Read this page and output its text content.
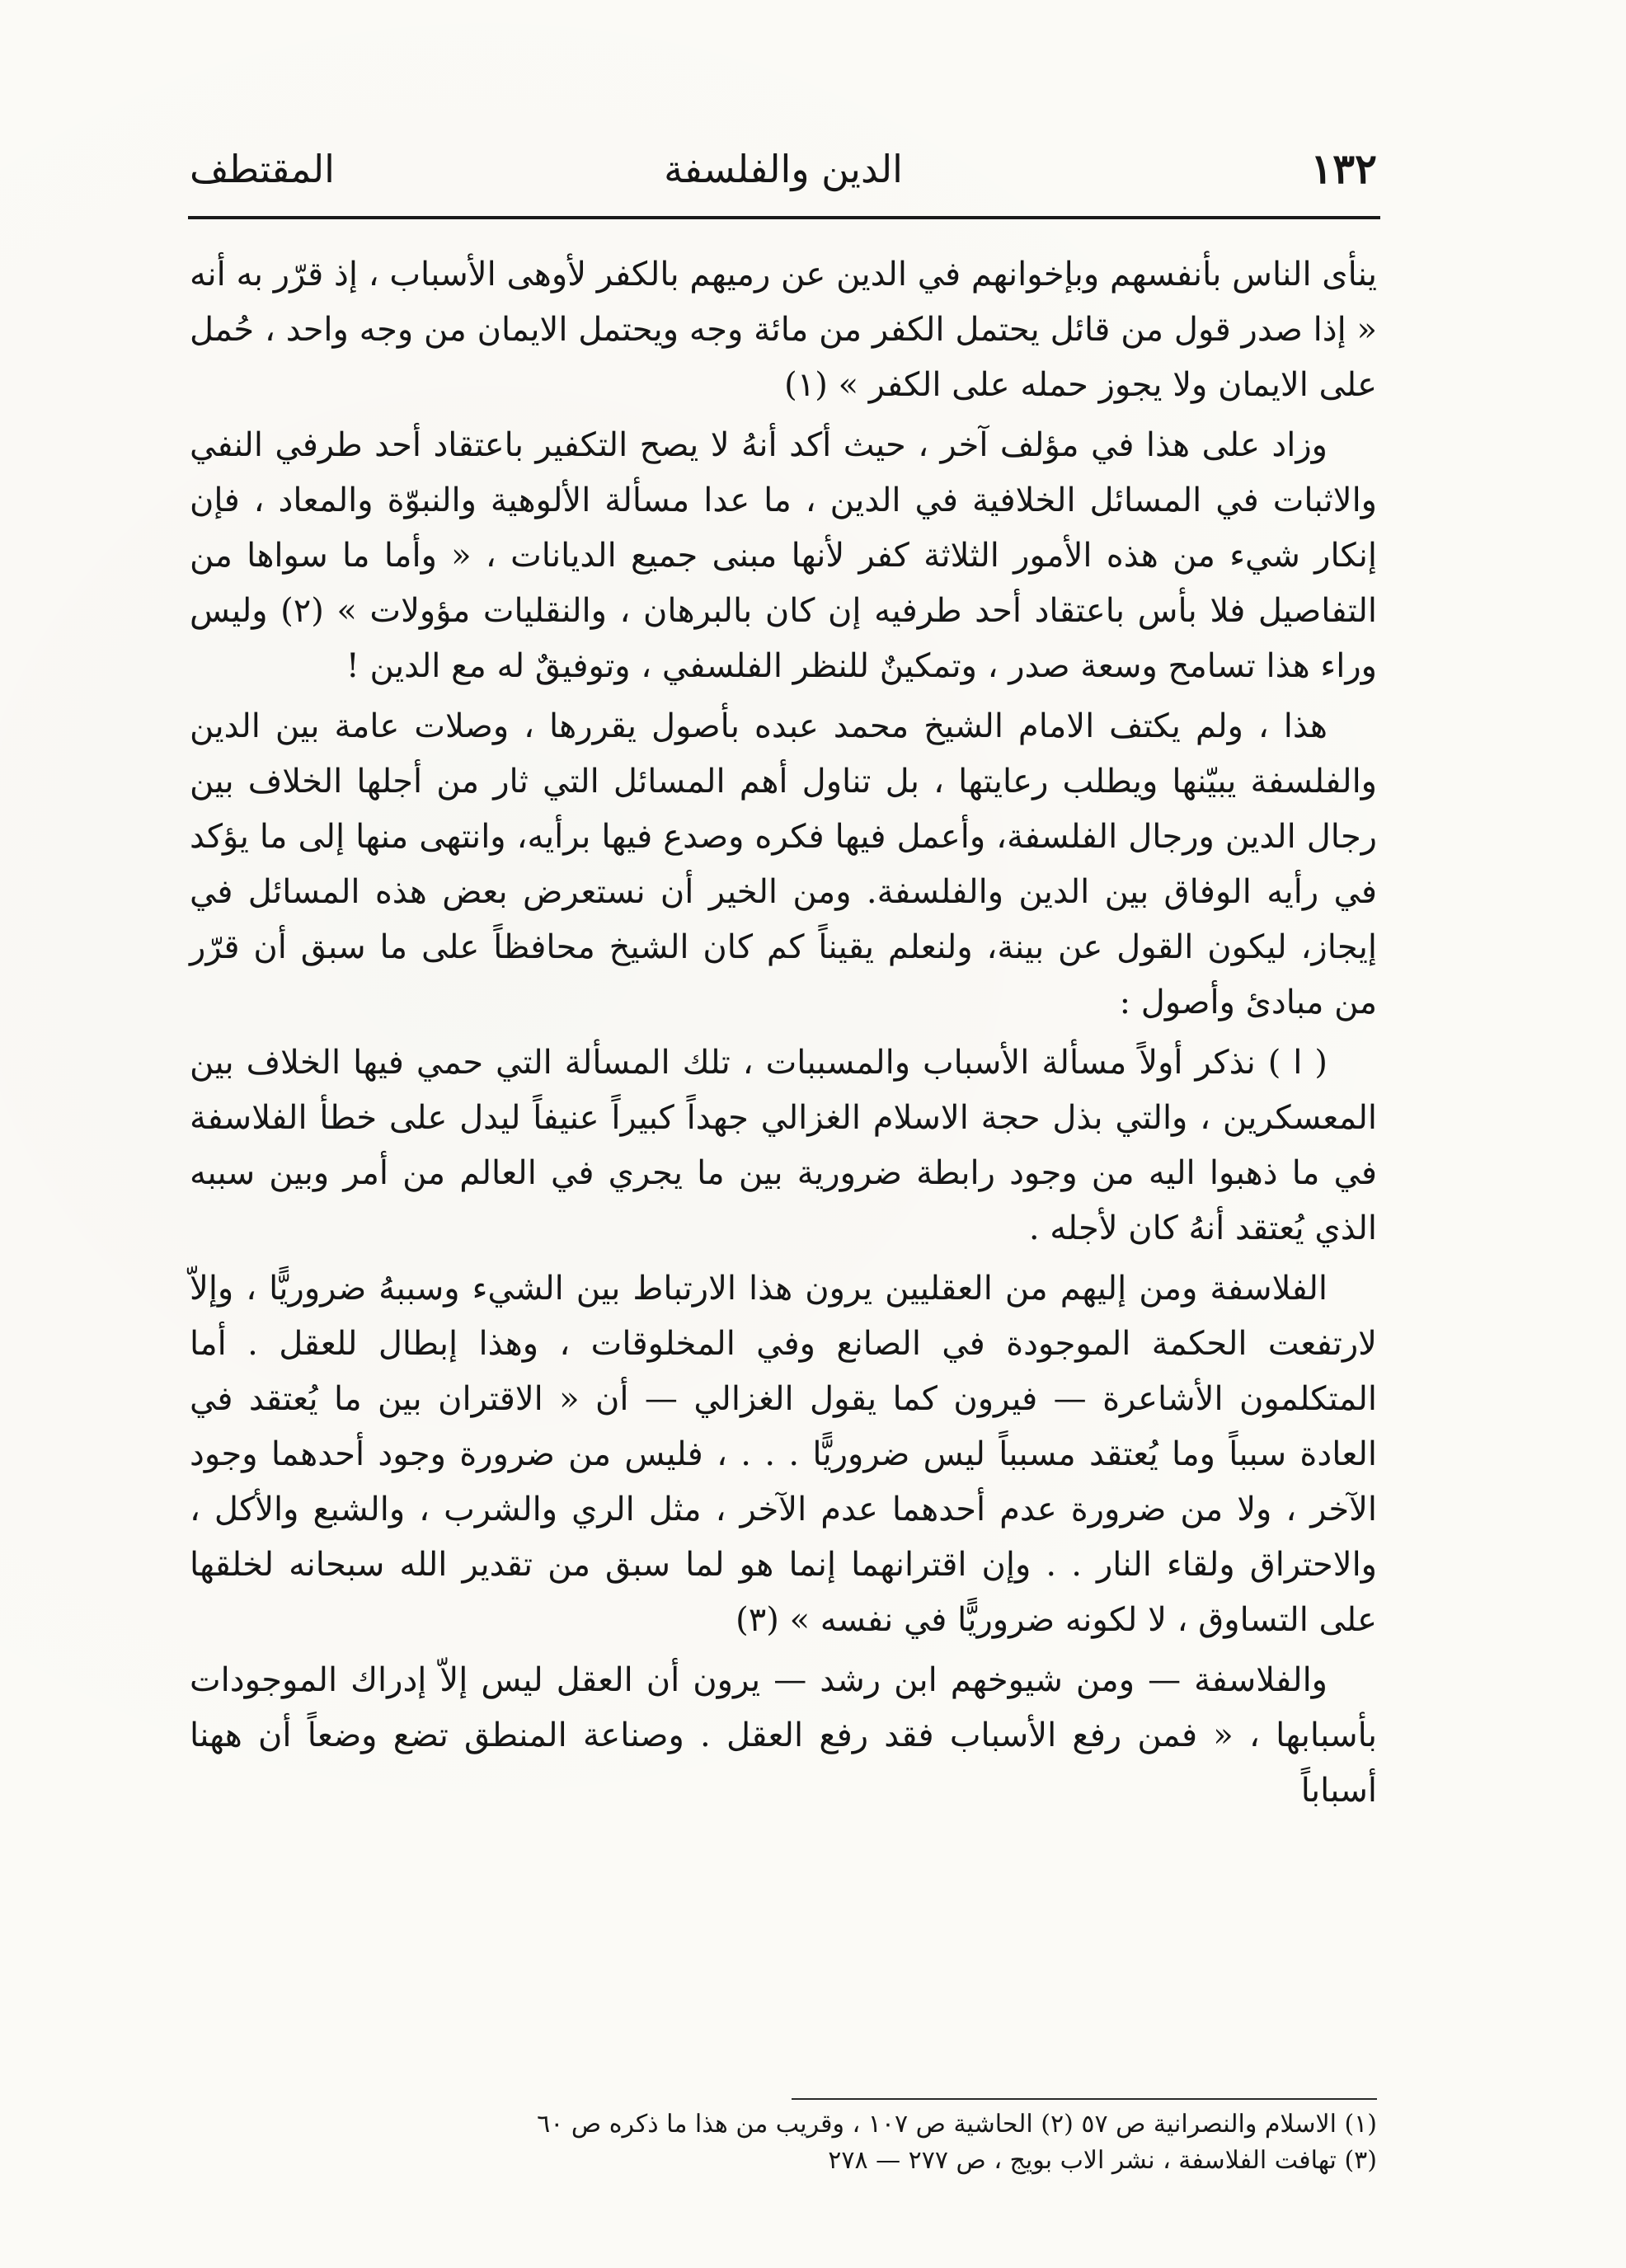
١٣٢
الدين والفلسفة
المقتطف

ينأى الناس بأنفسهم وبإخوانهم في الدين عن رميهم بالكفر لأوهى الأسباب ، إذ قرّر به أنه « إذا صدر قول من قائل يحتمل الكفر من مائة وجه ويحتمل الايمان من وجه واحد ، حُمل على الايمان ولا يجوز حمله على الكفر » (١)

وزاد على هذا في مؤلف آخر ، حيث أكد أنهُ لا يصح التكفير باعتقاد أحد طرفي النفي والاثبات في المسائل الخلافية في الدين ، ما عدا مسألة الألوهية والنبوّة والمعاد ، فإن إنكار شيء من هذه الأمور الثلاثة كفر لأنها مبنى جميع الديانات ، « وأما ما سواها من التفاصيل فلا بأس باعتقاد أحد طرفيه إن كان بالبرهان ، والنقليات مؤولات » (٢) وليس وراء هذا تسامح وسعة صدر ، وتمكينٌ للنظر الفلسفي ، وتوفيقٌ له مع الدين !

هذا ، ولم يكتف الامام الشيخ محمد عبده بأصول يقررها ، وصلات عامة بين الدين والفلسفة يبيّنها ويطلب رعايتها ، بل تناول أهم المسائل التي ثار من أجلها الخلاف بين رجال الدين ورجال الفلسفة، وأعمل فيها فكره وصدع فيها برأيه، وانتهى منها إلى ما يؤكد في رأيه الوفاق بين الدين والفلسفة. ومن الخير أن نستعرض بعض هذه المسائل في إيجاز، ليكون القول عن بينة، ولنعلم يقيناً كم كان الشيخ محافظاً على ما سبق أن قرّر من مبادئ وأصول :

( ا ) نذكر أولاً مسألة الأسباب والمسببات ، تلك المسألة التي حمي فيها الخلاف بين المعسكرين ، والتي بذل حجة الاسلام الغزالي جهداً كبيراً عنيفاً ليدل على خطأ الفلاسفة في ما ذهبوا اليه من وجود رابطة ضرورية بين ما يجري في العالم من أمر وبين سببه الذي يُعتقد أنهُ كان لأجله .

الفلاسفة ومن إليهم من العقليين يرون هذا الارتباط بين الشيء وسببهُ ضروريًّا ، وإلاّ لارتفعت الحكمة الموجودة في الصانع وفي المخلوقات ، وهذا إبطال للعقل . أما المتكلمون الأشاعرة — فيرون كما يقول الغزالي — أن « الاقتران بين ما يُعتقد في العادة سبباً وما يُعتقد مسبباً ليس ضروريًّا . . . ، فليس من ضرورة وجود أحدهما وجود الآخر ، ولا من ضرورة عدم أحدهما عدم الآخر ، مثل الري والشرب ، والشبع والأكل ، والاحتراق ولقاء النار . . وإن اقترانهما إنما هو لما سبق من تقدير الله سبحانه لخلقها على التساوق ، لا لكونه ضروريًّا في نفسه » (٣)

والفلاسفة — ومن شيوخهم ابن رشد — يرون أن العقل ليس إلاّ إدراك الموجودات بأسبابها ، « فمن رفع الأسباب فقد رفع العقل . وصناعة المنطق تضع وضعاً أن ههنا أسباباً

(١) الاسلام والنصرانية ص ٥٧ (٢) الحاشية ص ١٠٧ ، وقريب من هذا ما ذكره ص ٦٠
(٣) تهافت الفلاسفة ، نشر الاب بويج ، ص ٢٧٧ — ٢٧٨
